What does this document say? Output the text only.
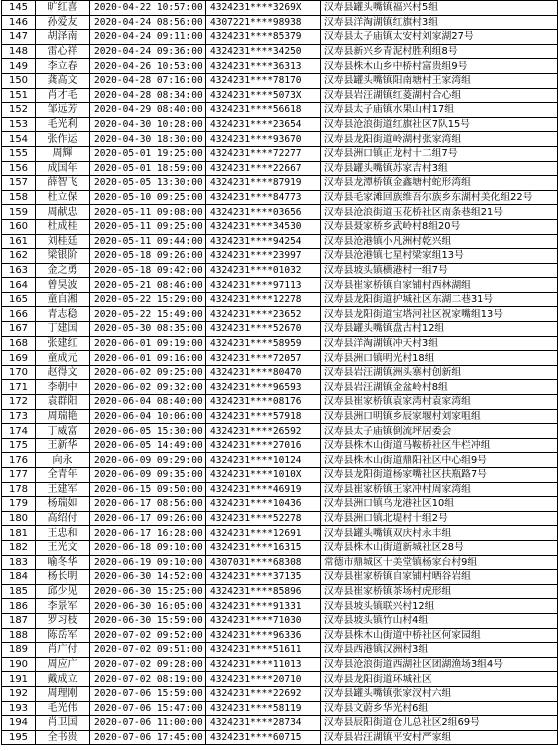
145	旷红喜	2020-04-22 10:57:00	4324231****3269X	汉寿县罐头嘴镇福兴村5组
146	孙爱友	2020-04-24 08:56:00	4307221****98938	汉寿县洋淘湖镇红旗村3组
147	胡泽南	2020-04-24 09:11:00	4324231****85379	汉寿县太子庙镇太安村刘家湖27号
148	雷心祥	2020-04-24 09:36:00	4324231****34250	汉寿县新兴乡青泥村胜利组8号
149	李立春	2020-04-26 10:53:00	4324231****36313	汉寿县株木山乡中桥村富贵组9号
150	龚高文	2020-04-28 07:16:00	4324231****78170	汉寿县罐头嘴镇阳南塘村王家湾组
151	肖才毛	2020-04-28 08:34:00	4324231****5073X	汉寿县岩汪湖镇红菱湖村合心组
152	邹远芳	2020-04-29 08:40:00	4324231****56618	汉寿县太子庙镇水果山村17组
153	毛光利	2020-04-30 10:28:00	4324231****23654	汉寿县沧浪街道红旗社区7队15号
154	张作运	2020-04-30 18:30:00	4324231****93670	汉寿县龙阳街道岭湖村张家湾组
155	周輝	2020-05-01 19:25:00	4324231****72277	汉寿县洲口镇正龙村十二组7号
156	成国年	2020-05-01 18:59:00	4324231****22667	汉寿县罐头嘴镇苏家吉村3组
157	薛智飞	2020-05-05 13:30:00	4324231****87919	汉寿县龙潭桥镇金鑫塘村蛇形湾组
158	杜立保	2020-05-10 09:25:00	4324231****84773	汉寿县毛家滩回族维吾尔族乡东湖村美化组22号
159	周献忠	2020-05-11 09:08:00	4324231****03656	汉寿县沧浪街道玉花桥社区南条巷组21号
160	杜成桂	2020-05-11 09:25:00	4324231****34530	汉寿县聂家桥乡武岭村8组20号
161	刘桂廷	2020-05-11 09:44:00	4324231****94254	汉寿县沧港镇小凡洲村乾兴组
162	梁银阶	2020-05-18 09:26:00	4324231****23997	汉寿县沧港镇七星村梁家组13号
163	金之勇	2020-05-18 09:42:00	4324231****01032	汉寿县坡头镇横港村一组7号
164	曾昊波	2020-05-21 08:46:00	4324231****97113	汉寿县崔家桥镇自家铺村西林湖组
165	童自湘	2020-05-22 15:29:00	4324231****12278	汉寿县龙阳街道护城社区东湖二巷31号
166	青志稳	2020-05-22 15:49:00	4324231****23652	汉寿县龙阳街道宝塔河社区祝家嘴组13号
167	丁建国	2020-05-30 08:35:00	4324231****52670	汉寿县罐头嘴镇盘古村12组
168	张建红	2020-06-01 09:19:00	4324231****58959	汉寿县洋淘湖镇冲天村3组
169	童成元	2020-06-01 09:16:00	4324231****72057	汉寿县洲口镇明光村18组
170	赵得文	2020-06-02 09:25:00	4324231****80470	汉寿县岩汪湖镇洲头寨村创新组
171	李朝中	2020-06-02 09:32:00	4324231****96593	汉寿县岩汪湖镇金盆岭村8组
172	袁群阳	2020-06-04 08:40:00	4324231****08176	汉寿县崔家桥镇袁家湾村袁家湾组
173	周瑞艳	2020-06-04 10:06:00	4324231****57918	汉寿县洲口明镇乡辰家堰村刘家咀组
174	丁威富	2020-06-05 15:30:00	4324231****26592	汉寿县太子庙镇倒流坪居委会
175	王新华	2020-06-05 14:49:00	4324231****27016	汉寿县株木山街道马鞍桥社区牛栏冲组
176	向永	2020-06-09 09:29:00	4324231****10124	汉寿县株木山街道鼎阳社区中心组9号
177	全青年	2020-06-09 09:35:00	4324231****1010X	汉寿县龙阳街道杨家嘴社区扶瓶路7号
178	王建军	2020-06-15 09:50:00	4324231****46919	汉寿县崔家桥镇王家冲村周家湾组
179	杨瑞如	2020-06-17 08:56:00	4324231****10436	汉寿县洲口镇乌龙港社区10组
180	高绍付	2020-06-17 09:26:00	4324231****52278	汉寿县洲口镇北堤村十组2号
181	王忠和	2020-06-17 16:28:00	4324231****12691	汉寿县罐头嘴镇双庆村永丰组
182	王光文	2020-06-18 09:10:00	4324231****16315	汉寿县株木山街道新城社区28号
183	喻冬华	2020-06-19 09:10:00	4307031****68308	常德市鼎城区十美堂镇杨家台村9组
184	杨长明	2020-06-30 14:52:00	4324231****37135	汉寿县崔家桥镇自家铺村晒谷岩组
185	邱少见	2020-06-30 15:25:00	4324231****85896	汉寿县崔家桥镇茶场村虎形组
186	李景军	2020-06-30 16:05:00	4324231****91331	汉寿县坡头镇联兴村12组
187	罗习枝	2020-06-30 15:59:00	4324231****71030	汉寿县坡头镇竹山村4组
188	陈岳军	2020-07-02 09:52:00	4324231****96336	汉寿县株木山街道中桥社区何家园组
189	肖广付	2020-07-02 09:51:00	4324231****51611	汉寿县西港镇汉洲村3组
190	周应广	2020-07-02 09:28:00	4324231****11013	汉寿县沧浪街道西湖社区团湖渔场3组4号
191	戴成立	2020-07-02 08:19:00	4324231****20710	汉寿县龙阳街道环城社区
192	周理刚	2020-07-06 15:59:00	4324231****22692	汉寿县罐头嘴镇张家汊村六组
193	毛光伟	2020-07-06 15:47:00	4324231****58119	汉寿县文蔚乡华光村6组
194	肖卫国	2020-07-06 11:00:00	4324231****28734	汉寿县辰阳街道仓儿总社区2组69号
195	全书贵	2020-07-06 17:45:00	4324231****60715	汉寿县岩汪湖镇平安村严家组
